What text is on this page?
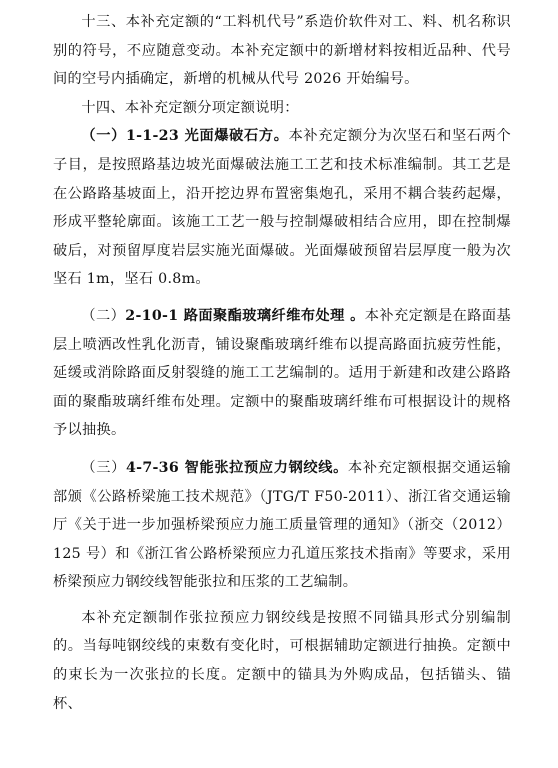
十三、本补充定额的“工料机代号”系造价软件对工、料、机名称识别的符号，不应随意变动。本补充定额中的新增材料按相近品种、代号间的空号内插确定，新增的机械从代号 2026 开始编号。

十四、本补充定额分项定额说明：

（一）1-1-23 光面爆破石方。本补充定额分为次坚石和坚石两个子目，是按照路基边坡光面爆破法施工工艺和技术标准编制。其工艺是在公路路基坡面上，沿开挖边界布置密集炮孔，采用不耦合装药起爆，形成平整轮廓面。该施工工艺一般与控制爆破相结合应用，即在控制爆破后，对预留厚度岩层实施光面爆破。光面爆破预留岩层厚度一般为次坚石 1m，坚石 0.8m。

（二）2-10-1 路面聚酯玻璃纤维布处理 。本补充定额是在路面基层上喷洒改性乳化沥青，铺设聚酯玻璃纤维布以提高路面抗疲劳性能，延缓或消除路面反射裂缝的施工工艺编制的。适用于新建和改建公路路面的聚酯玻璃纤维布处理。定额中的聚酯玻璃纤维布可根据设计的规格予以抽换。

（三）4-7-36 智能张拉预应力钢绞线。本补充定额根据交通运输部颁《公路桥梁施工技术规范》（JTG/T F50-2011）、浙江省交通运输厅《关于进一步加强桥梁预应力施工质量管理的通知》（浙交（2012）125 号）和《浙江省公路桥梁预应力孔道压浆技术指南》等要求，采用桥梁预应力钢绞线智能张拉和压浆的工艺编制。

本补充定额制作张拉预应力钢绞线是按照不同锚具形式分别编制的。当每吨钢绞线的束数有变化时，可根据辅助定额进行抽换。定额中的束长为一次张拉的长度。定额中的锚具为外购成品，包括锚头、锚杯、
